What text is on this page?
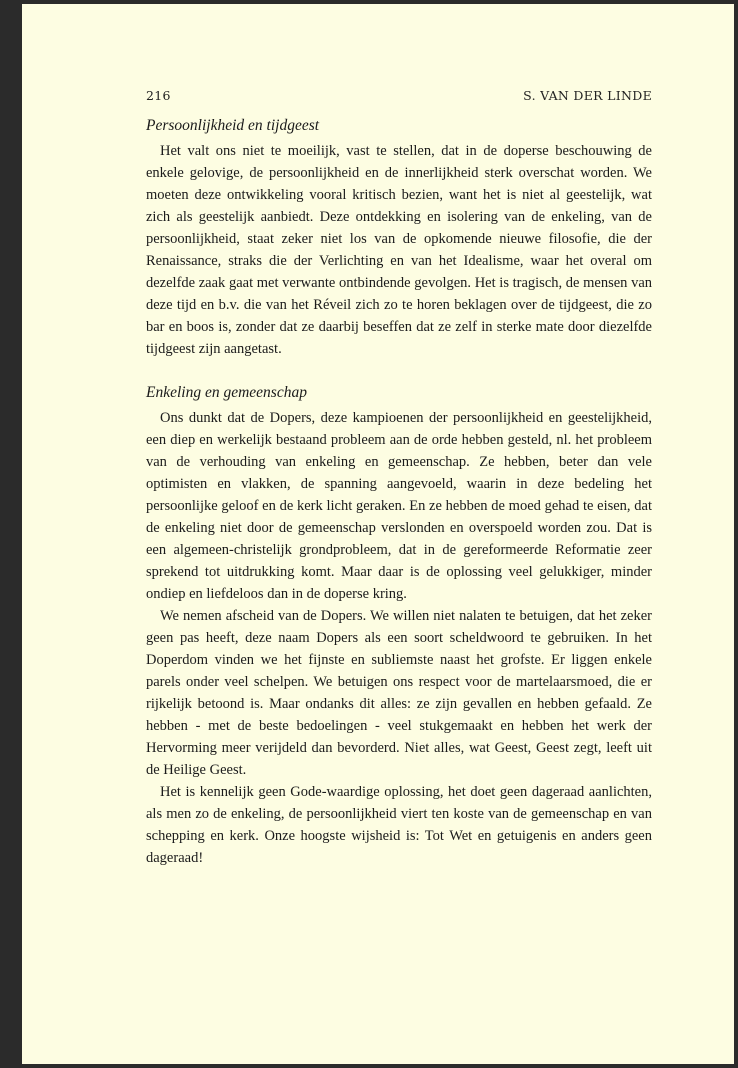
216	S. VAN DER LINDE
Persoonlijkheid en tijdgeest

Het valt ons niet te moeilijk, vast te stellen, dat in de doperse beschouwing de enkele gelovige, de persoonlijkheid en de innerlijkheid sterk overschat worden. We moeten deze ontwikkeling vooral kritisch bezien, want het is niet al geestelijk, wat zich als geestelijk aanbiedt. Deze ontdekking en isolering van de enkeling, van de persoonlijkheid, staat zeker niet los van de opkomende nieuwe filosofie, die der Renaissance, straks die der Verlichting en van het Idealisme, waar het overal om dezelfde zaak gaat met verwante ontbindende gevolgen. Het is tragisch, de mensen van deze tijd en b.v. die van het Réveil zich zo te horen beklagen over de tijdgeest, die zo bar en boos is, zonder dat ze daarbij beseffen dat ze zelf in sterke mate door diezelfde tijdgeest zijn aangetast.

Enkeling en gemeenschap

Ons dunkt dat de Dopers, deze kampioenen der persoonlijkheid en geestelijkheid, een diep en werkelijk bestaand probleem aan de orde hebben gesteld, nl. het probleem van de verhouding van enkeling en gemeenschap. Ze hebben, beter dan vele optimisten en vlakken, de spanning aangevoeld, waarin in deze bedeling het persoonlijke geloof en de kerk licht geraken. En ze hebben de moed gehad te eisen, dat de enkeling niet door de gemeenschap verslonden en overspoeld worden zou. Dat is een algemeen-christelijk grondprobleem, dat in de gereformeerde Reformatie zeer sprekend tot uitdrukking komt. Maar daar is de oplossing veel gelukkiger, minder ondiep en liefdeloos dan in de doperse kring.

We nemen afscheid van de Dopers. We willen niet nalaten te betuigen, dat het zeker geen pas heeft, deze naam Dopers als een soort scheldwoord te gebruiken. In het Doperdom vinden we het fijnste en subliemste naast het grofste. Er liggen enkele parels onder veel schelpen. We betuigen ons respect voor de martelaarsmoed, die er rijkelijk betoond is. Maar ondanks dit alles: ze zijn gevallen en hebben gefaald. Ze hebben - met de beste bedoelingen - veel stukgemaakt en hebben het werk der Hervorming meer verijdeld dan bevorderd. Niet alles, wat Geest, Geest zegt, leeft uit de Heilige Geest.

Het is kennelijk geen Gode-waardige oplossing, het doet geen dageraad aanlichten, als men zo de enkeling, de persoonlijkheid viert ten koste van de gemeenschap en van schepping en kerk. Onze hoogste wijsheid is: Tot Wet en getuigenis en anders geen dageraad!
